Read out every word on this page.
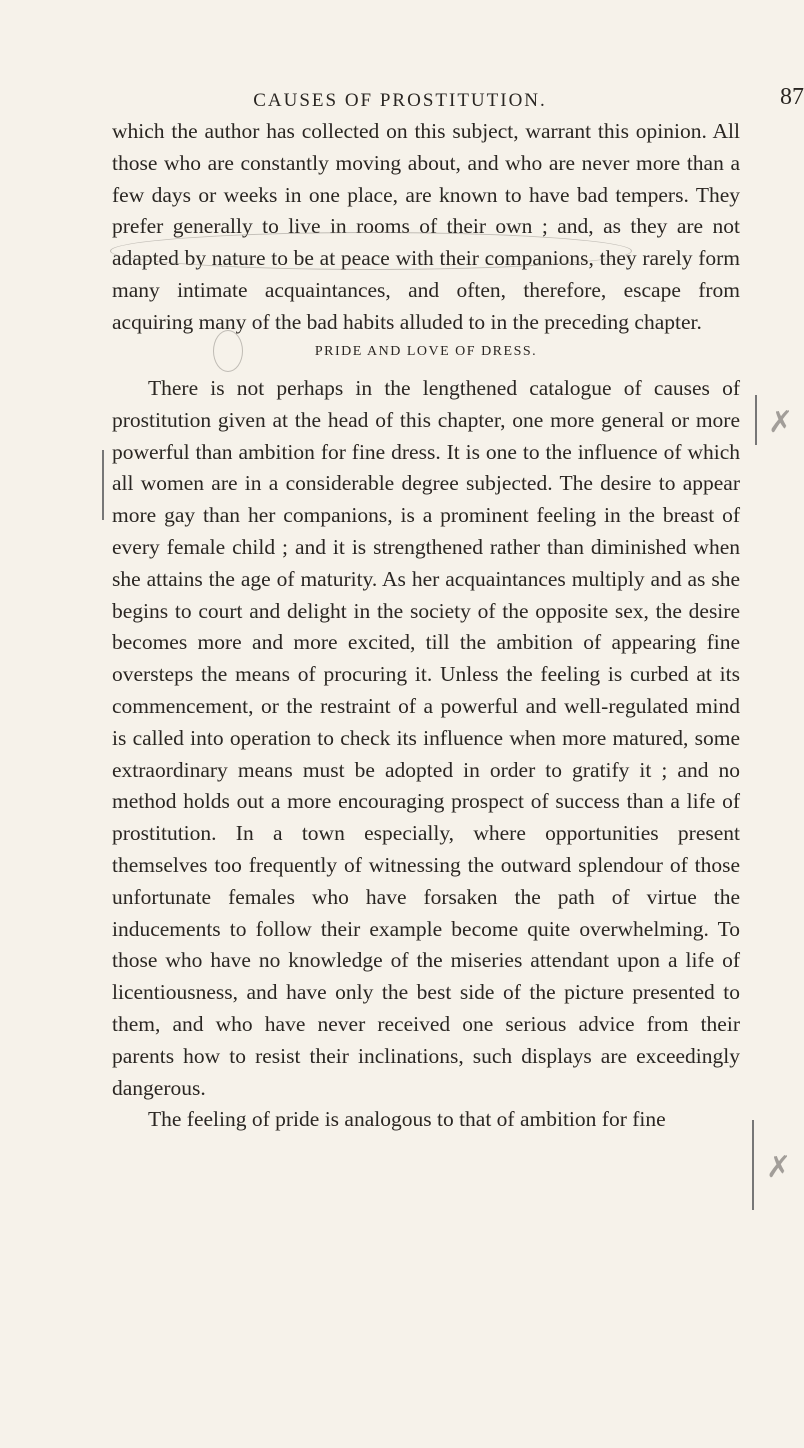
CAUSES OF PROSTITUTION.	87

which the author has collected on this subject, warrant this opinion. All those who are constantly moving about, and who are never more than a few days or weeks in one place, are known to have bad tempers. They prefer generally to live in rooms of their own ; and, as they are not adapted by nature to be at peace with their companions, they rarely form many intimate acquaintances, and often, therefore, escape from acquiring many of the bad habits alluded to in the preceding chapter.

PRIDE AND LOVE OF DRESS.

There is not perhaps in the lengthened catalogue of causes of prostitution given at the head of this chapter, one more general or more powerful than ambition for fine dress. It is one to the influence of which all women are in a considerable degree subjected. The desire to appear more gay than her companions, is a prominent feeling in the breast of every female child ; and it is strengthened rather than diminished when she attains the age of maturity. As her acquaintances multiply and as she begins to court and delight in the society of the opposite sex, the desire becomes more and more excited, till the ambition of appearing fine oversteps the means of procuring it. Unless the feeling is curbed at its commencement, or the restraint of a powerful and well-regulated mind is called into operation to check its influence when more matured, some extraordinary means must be adopted in order to gratify it ; and no method holds out a more encouraging prospect of success than a life of prostitution. In a town especially, where opportunities present themselves too frequently of witnessing the outward splendour of those unfortunate females who have forsaken the path of virtue the inducements to follow their example become quite overwhelming. To those who have no knowledge of the miseries attendant upon a life of licentiousness, and have only the best side of the picture presented to them, and who have never received one serious advice from their parents how to resist their inclinations, such displays are exceedingly dangerous.

The feeling of pride is analogous to that of ambition for fine

✗
✗
